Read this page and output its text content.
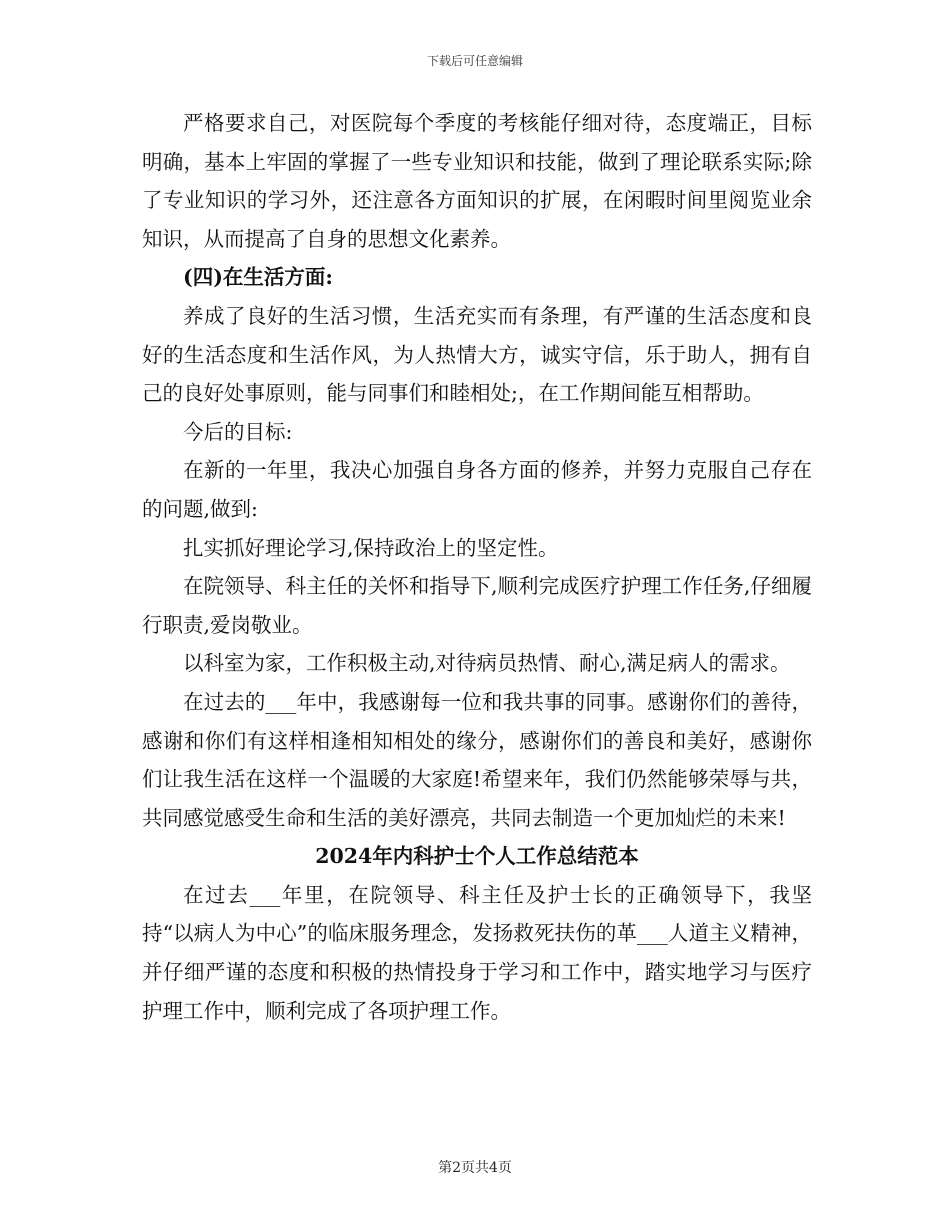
下载后可任意编辑

严格要求自己，对医院每个季度的考核能仔细对待，态度端正，目标明确，基本上牢固的掌握了一些专业知识和技能，做到了理论联系实际;除了专业知识的学习外，还注意各方面知识的扩展，在闲暇时间里阅览业余知识，从而提高了自身的思想文化素养。

(四)在生活方面:

养成了良好的生活习惯，生活充实而有条理，有严谨的生活态度和良好的生活态度和生活作风，为人热情大方，诚实守信，乐于助人，拥有自己的良好处事原则，能与同事们和睦相处;，在工作期间能互相帮助。

今后的目标:

在新的一年里，我决心加强自身各方面的修养，并努力克服自己存在的问题,做到:

扎实抓好理论学习,保持政治上的坚定性。

在院领导、科主任的关怀和指导下,顺利完成医疗护理工作任务,仔细履行职责,爱岗敬业。

以科室为家，工作积极主动,对待病员热情、耐心,满足病人的需求。

在过去的___年中，我感谢每一位和我共事的同事。感谢你们的善待，感谢和你们有这样相逢相知相处的缘分，感谢你们的善良和美好，感谢你们让我生活在这样一个温暖的大家庭!希望来年，我们仍然能够荣辱与共，共同感觉感受生命和生活的美好漂亮，共同去制造一个更加灿烂的未来!

2024年内科护士个人工作总结范本

在过去___年里，在院领导、科主任及护士长的正确领导下，我坚持“以病人为中心”的临床服务理念，发扬救死扶伤的革___人道主义精神，并仔细严谨的态度和积极的热情投身于学习和工作中，踏实地学习与医疗护理工作中，顺利完成了各项护理工作。

第2页共4页
